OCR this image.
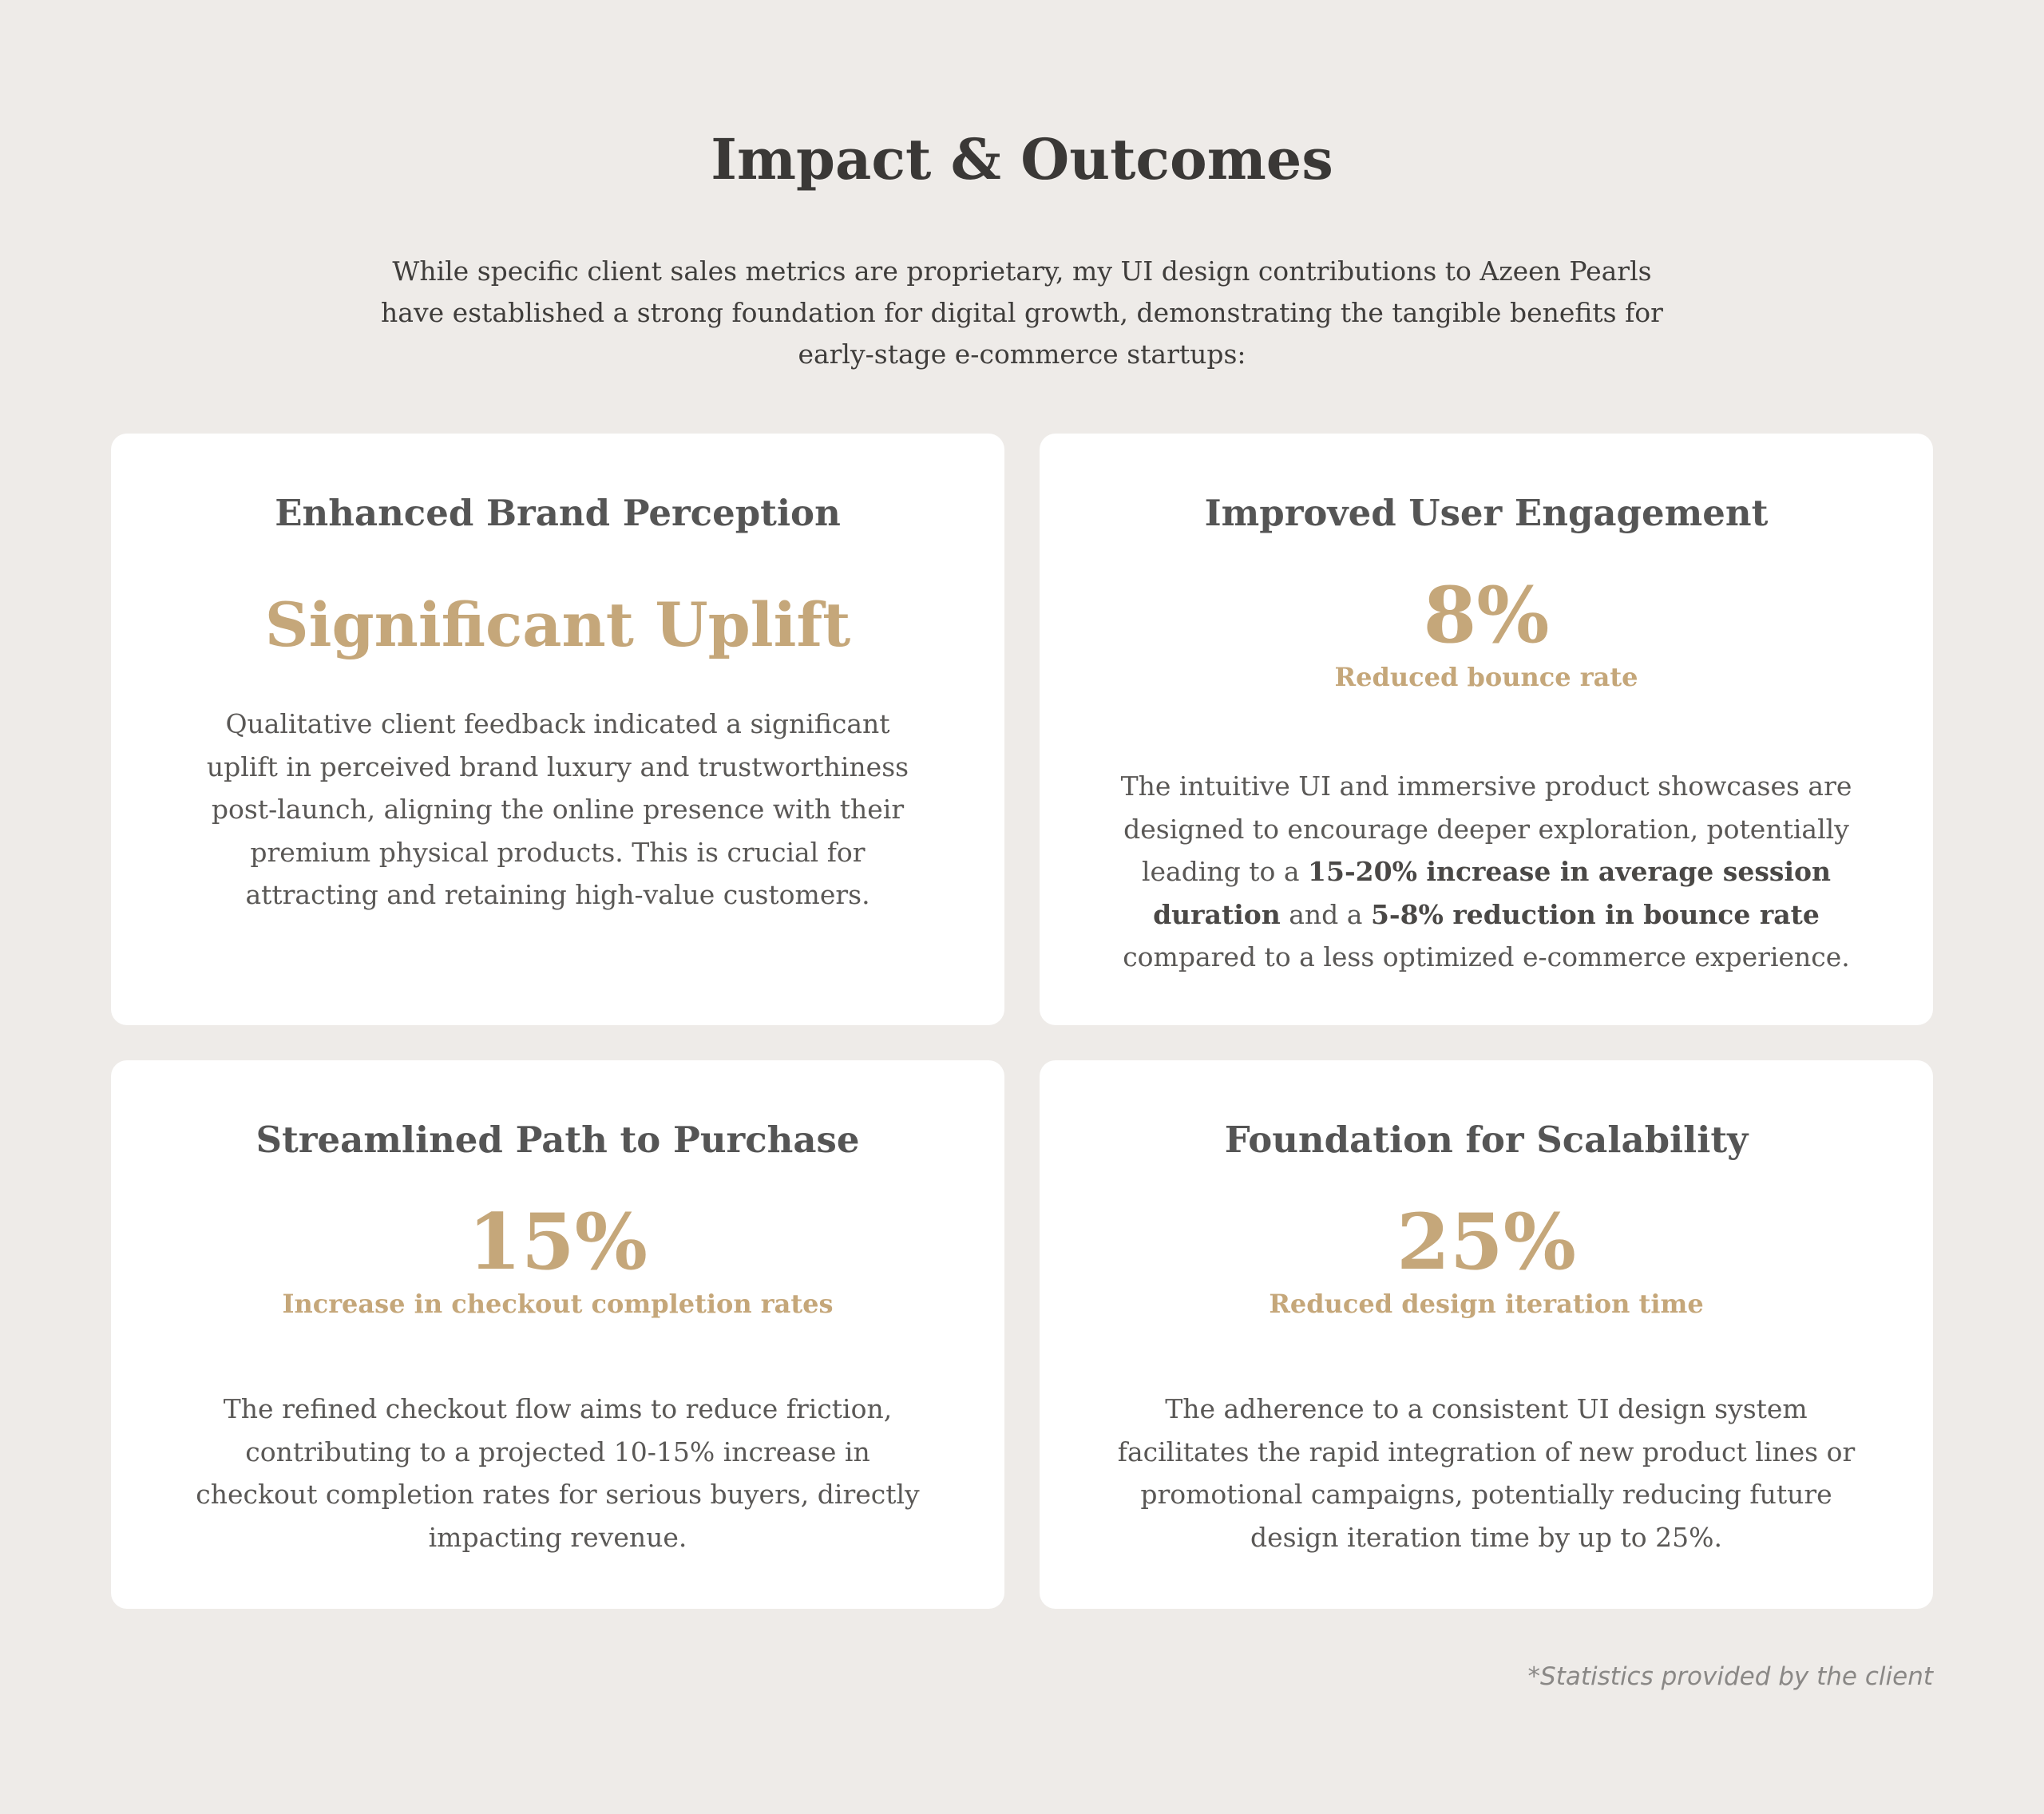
Impact & Outcomes

While specific client sales metrics are proprietary, my UI design contributions to Azeen Pearls have established a strong foundation for digital growth, demonstrating the tangible benefits for early-stage e-commerce startups:

Enhanced Brand Perception
Significant Uplift

Qualitative client feedback indicated a significant uplift in perceived brand luxury and trustworthiness post-launch, aligning the online presence with their premium physical products. This is crucial for attracting and retaining high-value customers.

Improved User Engagement
8%
Reduced bounce rate

The intuitive UI and immersive product showcases are designed to encourage deeper exploration, potentially leading to a 15-20% increase in average session duration and a 5-8% reduction in bounce rate compared to a less optimized e-commerce experience.

Streamlined Path to Purchase
15%
Increase in checkout completion rates

The refined checkout flow aims to reduce friction, contributing to a projected 10-15% increase in checkout completion rates for serious buyers, directly impacting revenue.

Foundation for Scalability
25%
Reduced design iteration time

The adherence to a consistent UI design system facilitates the rapid integration of new product lines or promotional campaigns, potentially reducing future design iteration time by up to 25%.

*Statistics provided by the client
